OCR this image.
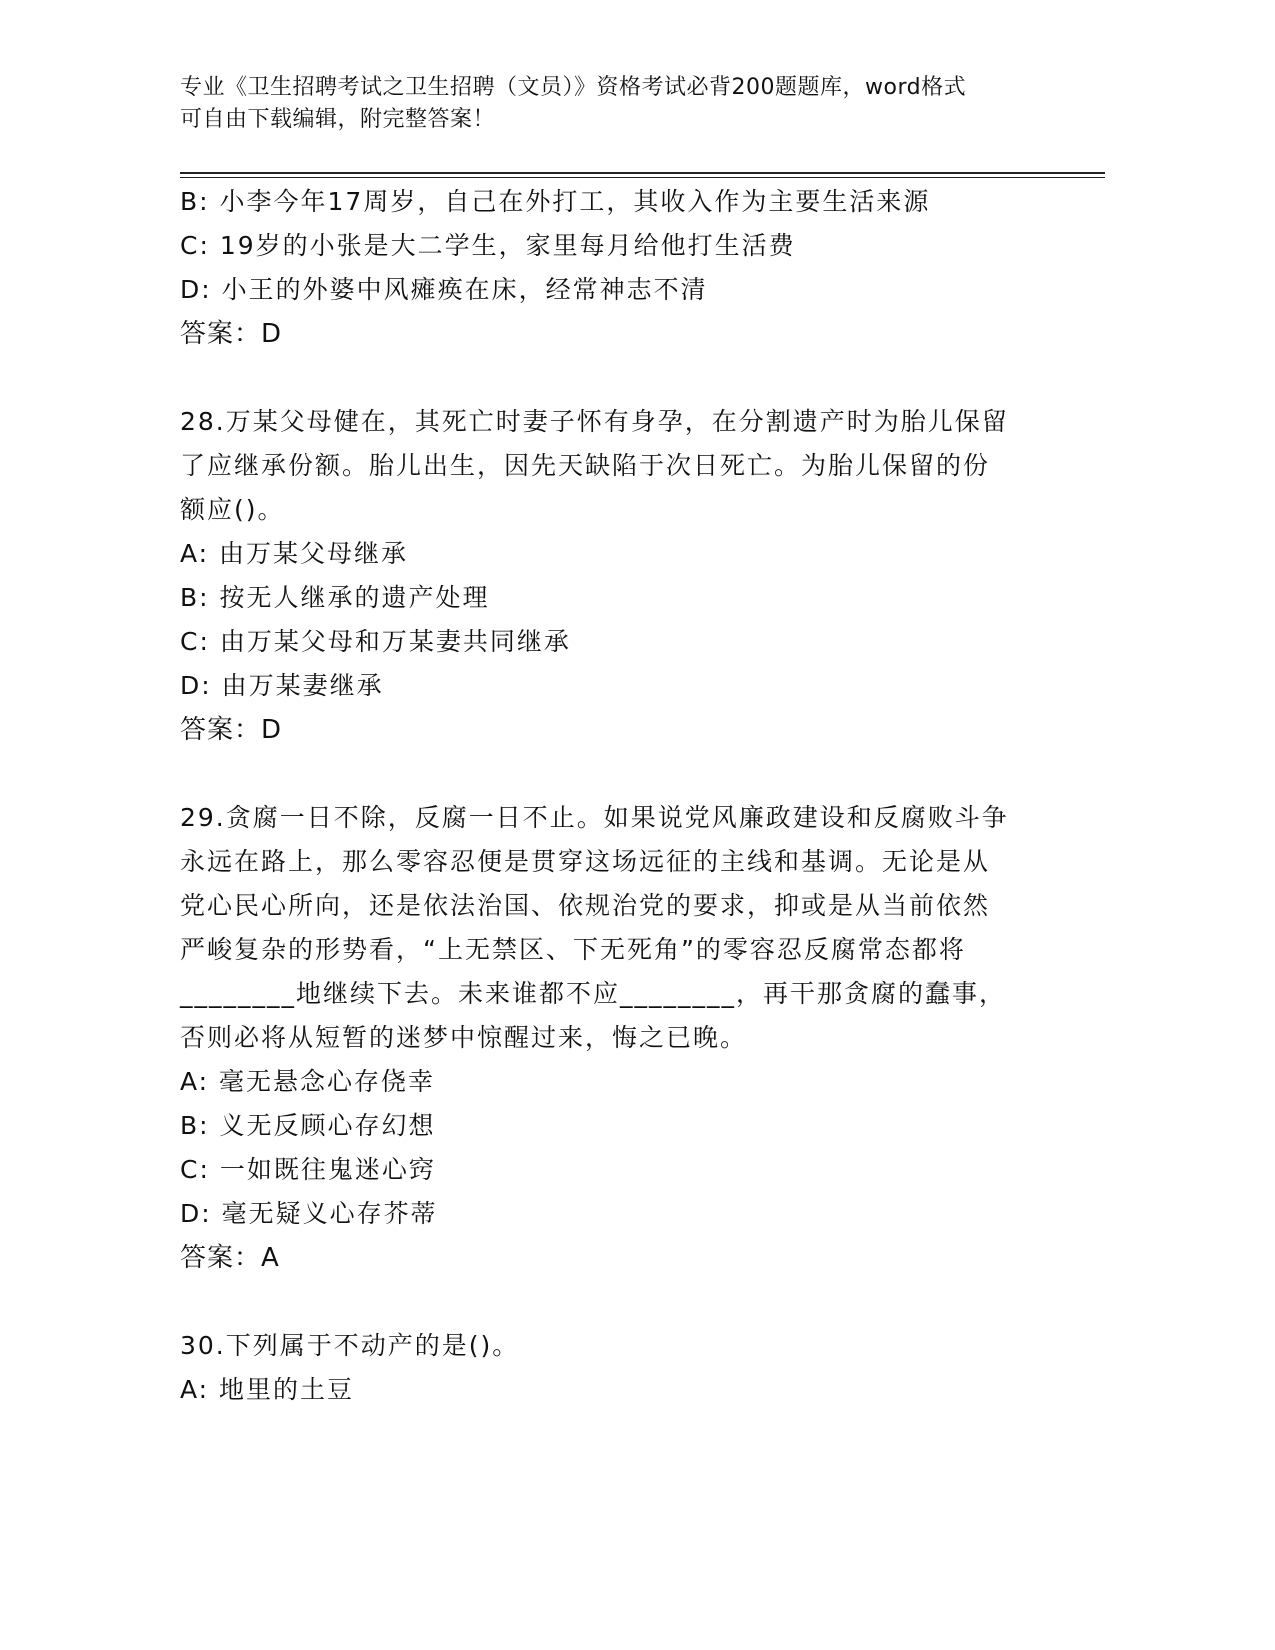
专业《卫生招聘考试之卫生招聘（文员）》资格考试必背200题题库，word格式
可自由下载编辑，附完整答案！
B: 小李今年17周岁，自己在外打工，其收入作为主要生活来源
C: 19岁的小张是大二学生，家里每月给他打生活费
D: 小王的外婆中风瘫痪在床，经常神志不清
答案：D
28.万某父母健在，其死亡时妻子怀有身孕，在分割遗产时为胎儿保留
了应继承份额。胎儿出生，因先天缺陷于次日死亡。为胎儿保留的份
额应()。
A: 由万某父母继承
B: 按无人继承的遗产处理
C: 由万某父母和万某妻共同继承
D: 由万某妻继承
答案：D
29.贪腐一日不除，反腐一日不止。如果说党风廉政建设和反腐败斗争
永远在路上，那么零容忍便是贯穿这场远征的主线和基调。无论是从
党心民心所向，还是依法治国、依规治党的要求，抑或是从当前依然
严峻复杂的形势看，“上无禁区、下无死角”的零容忍反腐常态都将
________地继续下去。未来谁都不应________，再干那贪腐的蠢事，
否则必将从短暂的迷梦中惊醒过来，悔之已晚。
A: 毫无悬念心存侥幸
B: 义无反顾心存幻想
C: 一如既往鬼迷心窍
D: 毫无疑义心存芥蒂
答案：A
30.下列属于不动产的是()。
A: 地里的土豆
